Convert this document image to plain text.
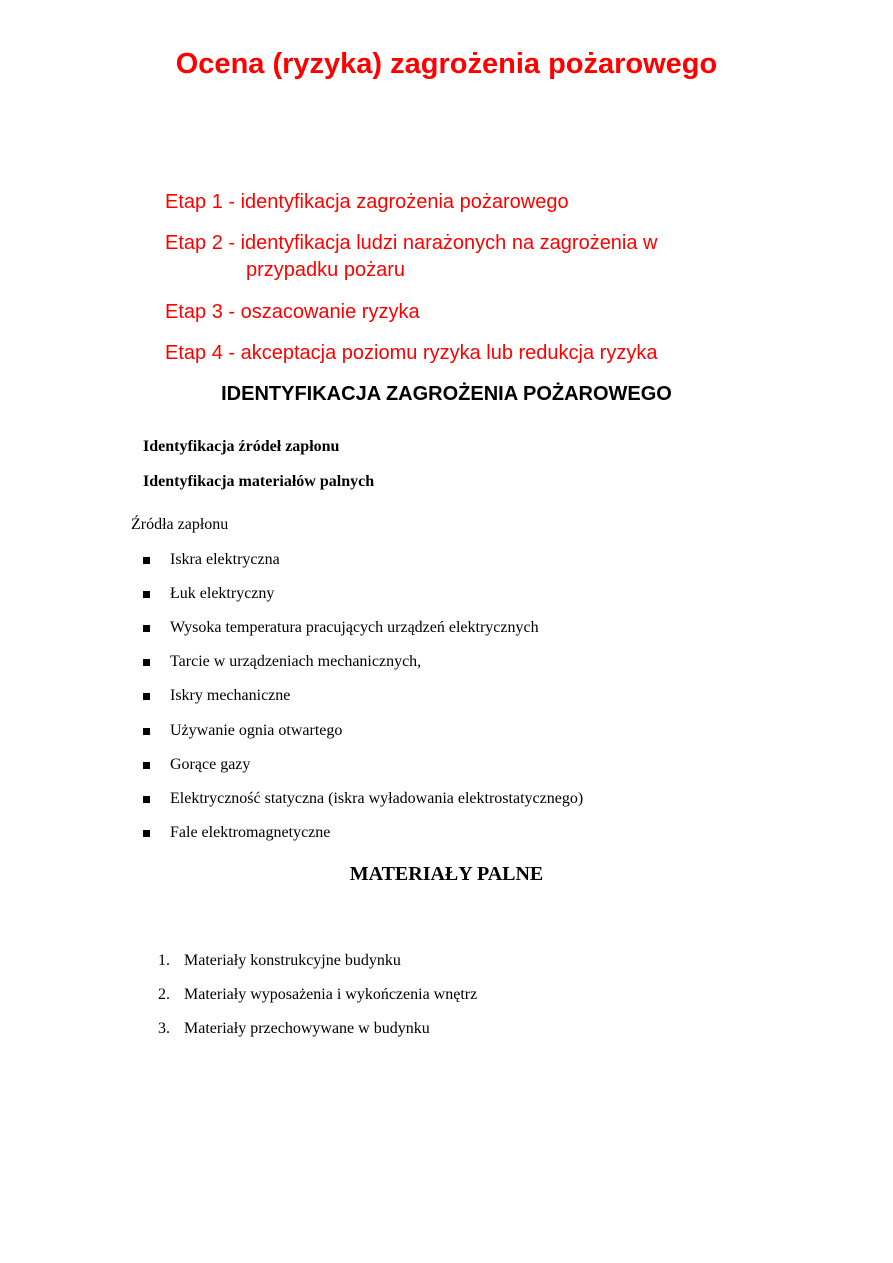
Ocena (ryzyka) zagrożenia pożarowego
Etap 1 - identyfikacja zagrożenia pożarowego
Etap 2 - identyfikacja ludzi narażonych na zagrożenia w
przypadku pożaru
Etap 3 - oszacowanie ryzyka
Etap 4 - akceptacja poziomu ryzyka lub redukcja ryzyka
IDENTYFIKACJA ZAGROŻENIA POŻAROWEGO
Identyfikacja źródeł zapłonu
Identyfikacja materiałów palnych
Źródła zapłonu
Iskra elektryczna
Łuk elektryczny
Wysoka temperatura pracujących urządzeń elektrycznych
Tarcie w urządzeniach mechanicznych,
Iskry mechaniczne
Używanie ognia otwartego
Gorące gazy
Elektryczność statyczna (iskra wyładowania elektrostatycznego)
Fale elektromagnetyczne
MATERIAŁY PALNE
1. Materiały konstrukcyjne budynku
2. Materiały wyposażenia i wykończenia wnętrz
3. Materiały przechowywane w budynku
